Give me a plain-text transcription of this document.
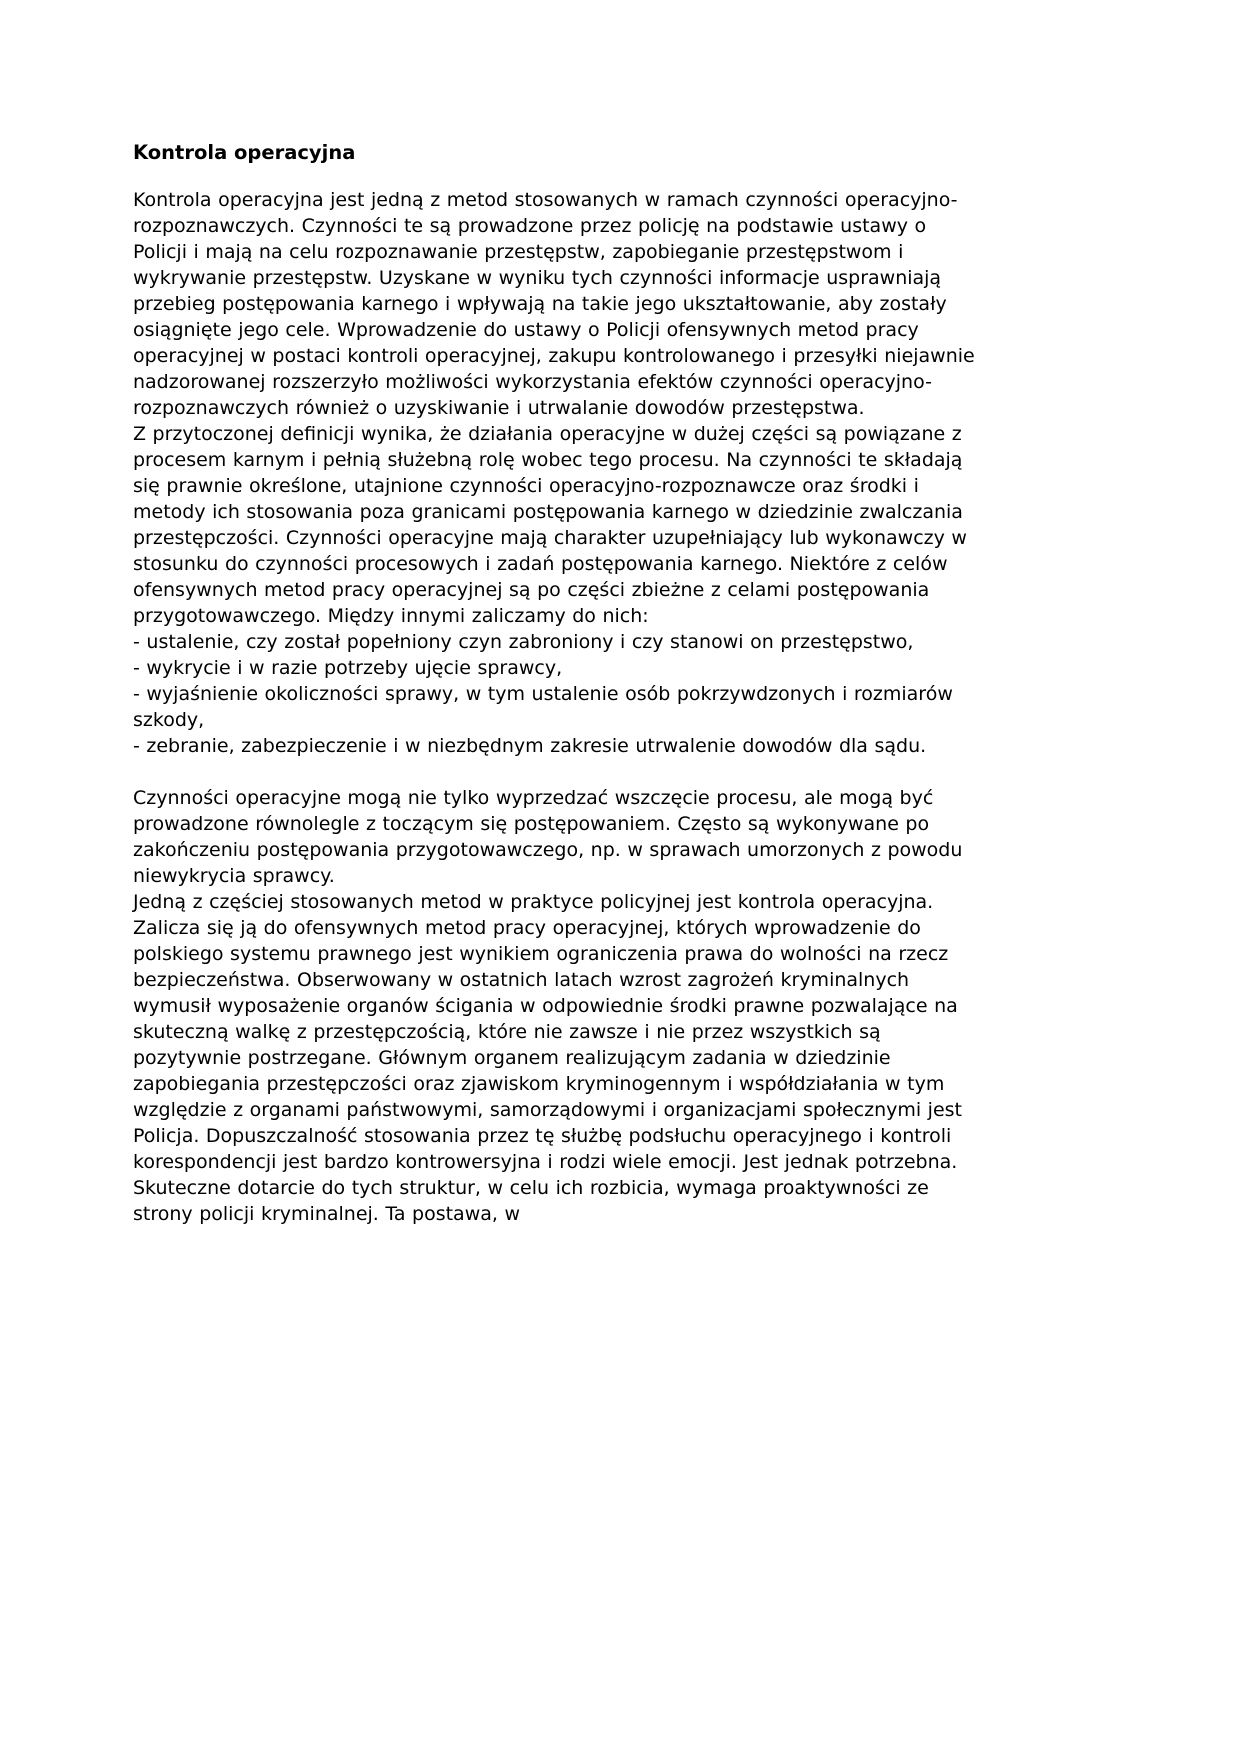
Kontrola operacyjna

Kontrola operacyjna jest jedną z metod stosowanych w ramach czynności operacyjno-rozpoznawczych. Czynności te są prowadzone przez policję na podstawie ustawy o Policji i mają na celu rozpoznawanie przestępstw, zapobieganie przestępstwom i wykrywanie przestępstw. Uzyskane w wyniku tych czynności informacje usprawniają przebieg postępowania karnego i wpływają na takie jego ukształtowanie, aby zostały osiągnięte jego cele. Wprowadzenie do ustawy o Policji ofensywnych metod pracy operacyjnej w postaci kontroli operacyjnej, zakupu kontrolowanego i przesyłki niejawnie nadzorowanej rozszerzyło możliwości wykorzystania efektów czynności operacyjno-rozpoznawczych również o uzyskiwanie i utrwalanie dowodów przestępstwa.

Z przytoczonej definicji wynika, że działania operacyjne w dużej części są powiązane z procesem karnym i pełnią służebną rolę wobec tego procesu. Na czynności te składają się prawnie określone, utajnione czynności operacyjno-rozpoznawcze oraz środki i metody ich stosowania poza granicami postępowania karnego w dziedzinie zwalczania przestępczości. Czynności operacyjne mają charakter uzupełniający lub wykonawczy w stosunku do czynności procesowych i zadań postępowania karnego. Niektóre z celów ofensywnych metod pracy operacyjnej są po części zbieżne z celami postępowania przygotowawczego. Między innymi zaliczamy do nich:

- ustalenie, czy został popełniony czyn zabroniony i czy stanowi on przestępstwo,

- wykrycie i w razie potrzeby ujęcie sprawcy,

- wyjaśnienie okoliczności sprawy, w tym ustalenie osób pokrzywdzonych i rozmiarów szkody,

- zebranie, zabezpieczenie i w niezbędnym zakresie utrwalenie dowodów dla sądu.

Czynności operacyjne mogą nie tylko wyprzedzać wszczęcie procesu, ale mogą być prowadzone równolegle z toczącym się postępowaniem. Często są wykonywane po zakończeniu postępowania przygotowawczego, np. w sprawach umorzonych z powodu niewykrycia sprawcy.

Jedną z częściej stosowanych metod w praktyce policyjnej jest kontrola operacyjna. Zalicza się ją do ofensywnych metod pracy operacyjnej, których wprowadzenie do polskiego systemu prawnego jest wynikiem ograniczenia prawa do wolności na rzecz bezpieczeństwa. Obserwowany w ostatnich latach wzrost zagrożeń kryminalnych wymusił wyposażenie organów ścigania w odpowiednie środki prawne pozwalające na skuteczną walkę z przestępczością, które nie zawsze i nie przez wszystkich są pozytywnie postrzegane. Głównym organem realizującym zadania w dziedzinie zapobiegania przestępczości oraz zjawiskom kryminogennym i współdziałania w tym względzie z organami państwowymi, samorządowymi i organizacjami społecznymi jest Policja. Dopuszczalność stosowania przez tę służbę podsłuchu operacyjnego i kontroli korespondencji jest bardzo kontrowersyjna i rodzi wiele emocji. Jest jednak potrzebna. Skuteczne dotarcie do tych struktur, w celu ich rozbicia, wymaga proaktywności ze strony policji kryminalnej. Ta postawa, w
